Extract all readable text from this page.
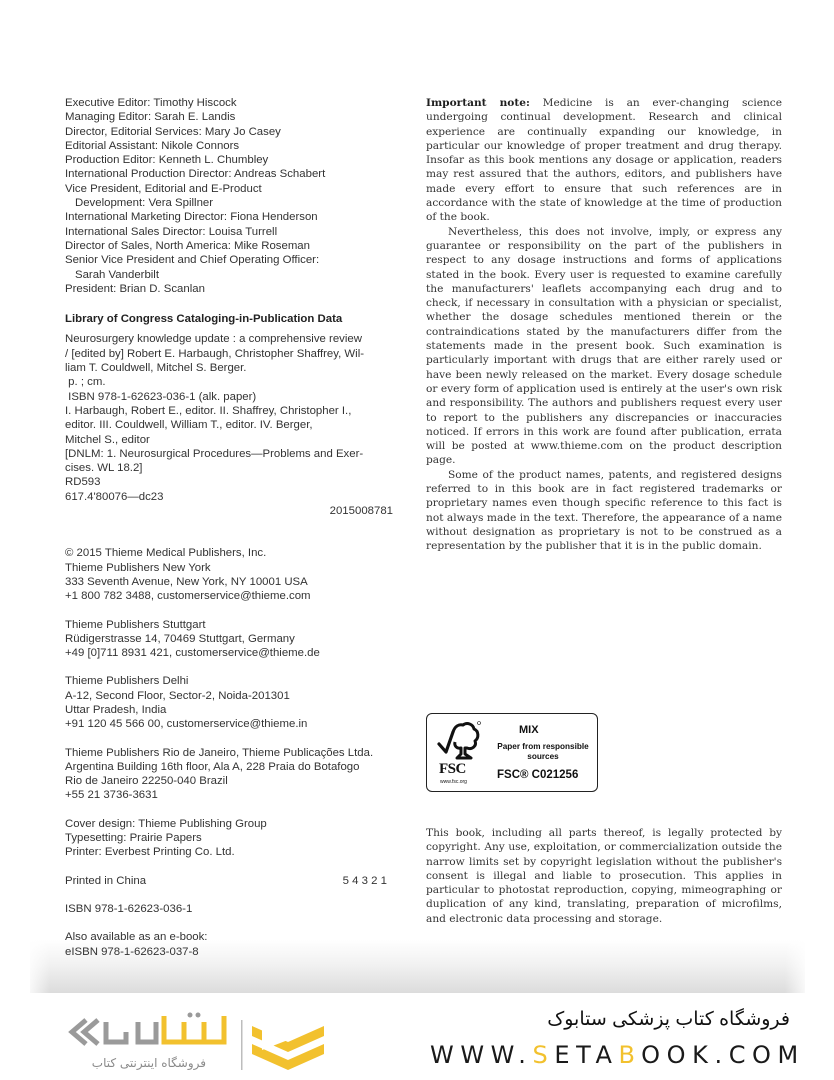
Executive Editor: Timothy Hiscock
Managing Editor: Sarah E. Landis
Director, Editorial Services: Mary Jo Casey
Editorial Assistant: Nikole Connors
Production Editor: Kenneth L. Chumbley
International Production Director: Andreas Schabert
Vice President, Editorial and E-Product
Development: Vera Spillner
International Marketing Director: Fiona Henderson
International Sales Director: Louisa Turrell
Director of Sales, North America: Mike Roseman
Senior Vice President and Chief Operating Officer:
Sarah Vanderbilt
President: Brian D. Scanlan
Library of Congress Cataloging-in-Publication Data
Neurosurgery knowledge update : a comprehensive review
/ [edited by] Robert E. Harbaugh, Christopher Shaffrey, Wil-
liam T. Couldwell, Mitchel S. Berger.
p. ; cm.
ISBN 978-1-62623-036-1 (alk. paper)
I. Harbaugh, Robert E., editor. II. Shaffrey, Christopher I.,
editor. III. Couldwell, William T., editor. IV. Berger,
Mitchel S., editor
[DNLM: 1. Neurosurgical Procedures—Problems and Exer-
cises. WL 18.2]
RD593
617.4'80076—dc23
2015008781
© 2015 Thieme Medical Publishers, Inc.
Thieme Publishers New York
333 Seventh Avenue, New York, NY 10001 USA
+1 800 782 3488, customerservice@thieme.com
Thieme Publishers Stuttgart
Rüdigerstrasse 14, 70469 Stuttgart, Germany
+49 [0]711 8931 421, customerservice@thieme.de
Thieme Publishers Delhi
A-12, Second Floor, Sector-2, Noida-201301
Uttar Pradesh, India
+91 120 45 566 00, customerservice@thieme.in
Thieme Publishers Rio de Janeiro, Thieme Publicações Ltda.
Argentina Building 16th floor, Ala A, 228 Praia do Botafogo
Rio de Janeiro 22250-040 Brazil
+55 21 3736-3631
Cover design: Thieme Publishing Group
Typesetting: Prairie Papers
Printer: Everbest Printing Co. Ltd.
Printed in China	5 4 3 2 1
ISBN 978-1-62623-036-1
Also available as an e-book:
eISBN 978-1-62623-037-8

Important note: Medicine is an ever-changing science undergoing continual development. Research and clinical experience are continually expanding our knowledge, in particular our knowledge of proper treatment and drug therapy. Insofar as this book mentions any dosage or application, readers may rest assured that the authors, editors, and publishers have made every effort to ensure that such references are in accordance with the state of knowledge at the time of production of the book.

Nevertheless, this does not involve, imply, or express any guarantee or responsibility on the part of the publishers in respect to any dosage instructions and forms of applications stated in the book. Every user is requested to examine carefully the manufacturers' leaflets accompanying each drug and to check, if necessary in consultation with a physician or specialist, whether the dosage schedules mentioned therein or the contraindications stated by the manufacturers differ from the statements made in the present book. Such examination is particularly important with drugs that are either rarely used or have been newly released on the market. Every dosage schedule or every form of application used is entirely at the user's own risk and responsibility. The authors and publishers request every user to report to the publishers any discrepancies or inaccuracies noticed. If errors in this work are found after publication, errata will be posted at www.thieme.com on the product description page.

Some of the product names, patents, and registered designs referred to in this book are in fact registered trademarks or proprietary names even though specific reference to this fact is not always made in the text. Therefore, the appearance of a name without designation as proprietary is not to be construed as a representation by the publisher that it is in the public domain.

FSC
www.fsc.org
MIX
Paper from responsible sources
FSC® C021256
This book, including all parts thereof, is legally protected by copyright. Any use, exploitation, or commercialization outside the narrow limits set by copyright legislation without the publisher's consent is illegal and liable to prosecution. This applies in particular to photostat reproduction, copying, mimeographing or duplication of any kind, translating, preparation of microfilms, and electronic data processing and storage.
فروشگاه اینترنتی کتاب
فروشگاه کتاب پزشکی ستابوک
WWW.SETABOOK.COM
